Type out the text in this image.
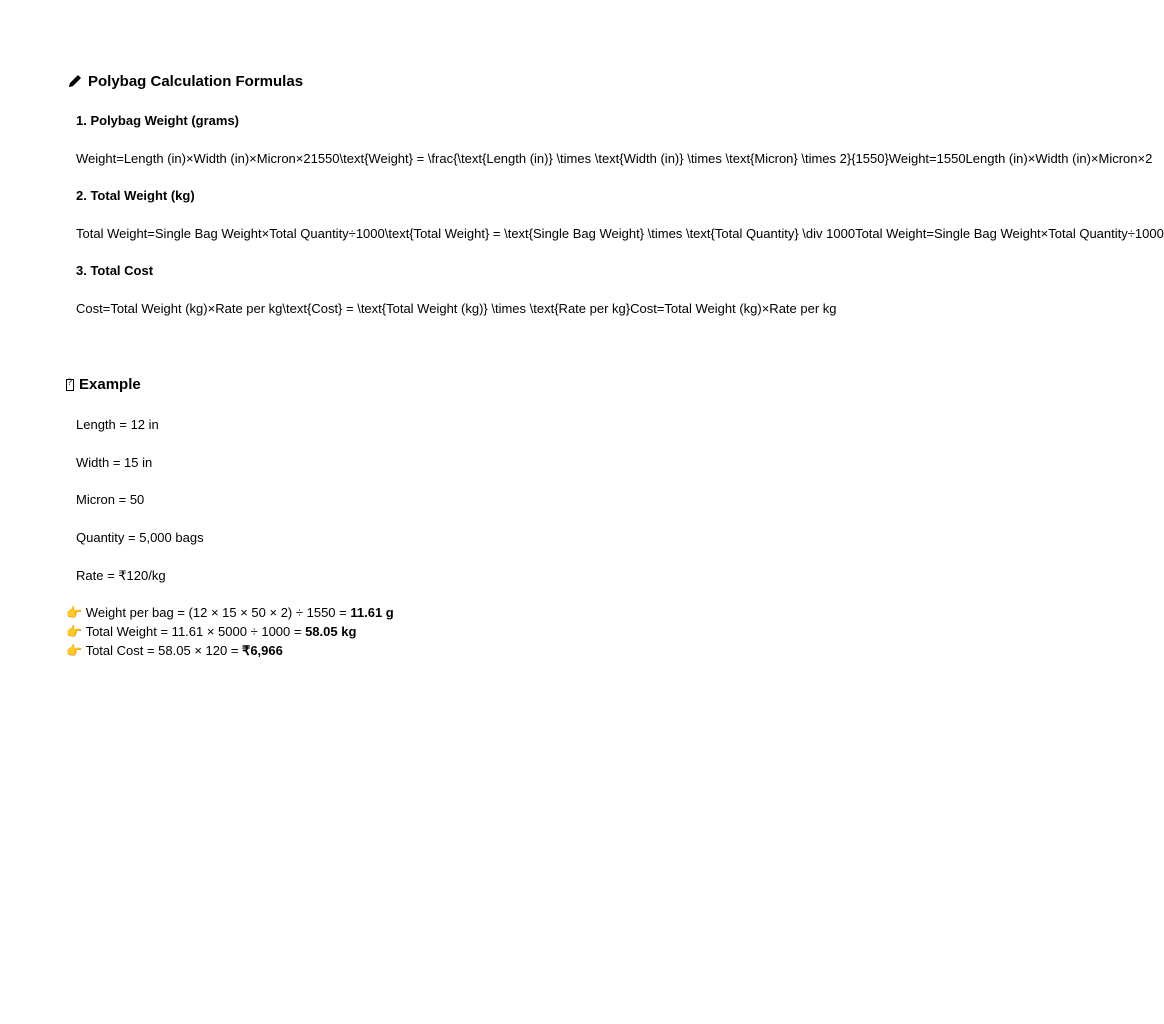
Polybag Calculation Formulas
1. Polybag Weight (grams)
Weight=Length (in)×Width (in)×Micron×21550\text{Weight} = \frac{\text{Length (in)} \times \text{Width (in)} \times \text{Micron} \times 2}{1550}Weight=1550Length (in)×Width (in)×Micron×2
2. Total Weight (kg)
Total Weight=Single Bag Weight×Total Quantity÷1000\text{Total Weight} = \text{Single Bag Weight} \times \text{Total Quantity} \div 1000Total Weight=Single Bag Weight×Total Quantity÷1000
3. Total Cost
Cost=Total Weight (kg)×Rate per kg\text{Cost} = \text{Total Weight (kg)} \times \text{Rate per kg}Cost=Total Weight (kg)×Rate per kg
?
Example
Length = 12 in
Width = 15 in
Micron = 50
Quantity = 5,000 bags
Rate = ₹120/kg
👉 Weight per bag = (12 × 15 × 50 × 2) ÷ 1550 = 11.61 g
👉 Total Weight = 11.61 × 5000 ÷ 1000 = 58.05 kg
👉 Total Cost = 58.05 × 120 = ₹6,966
